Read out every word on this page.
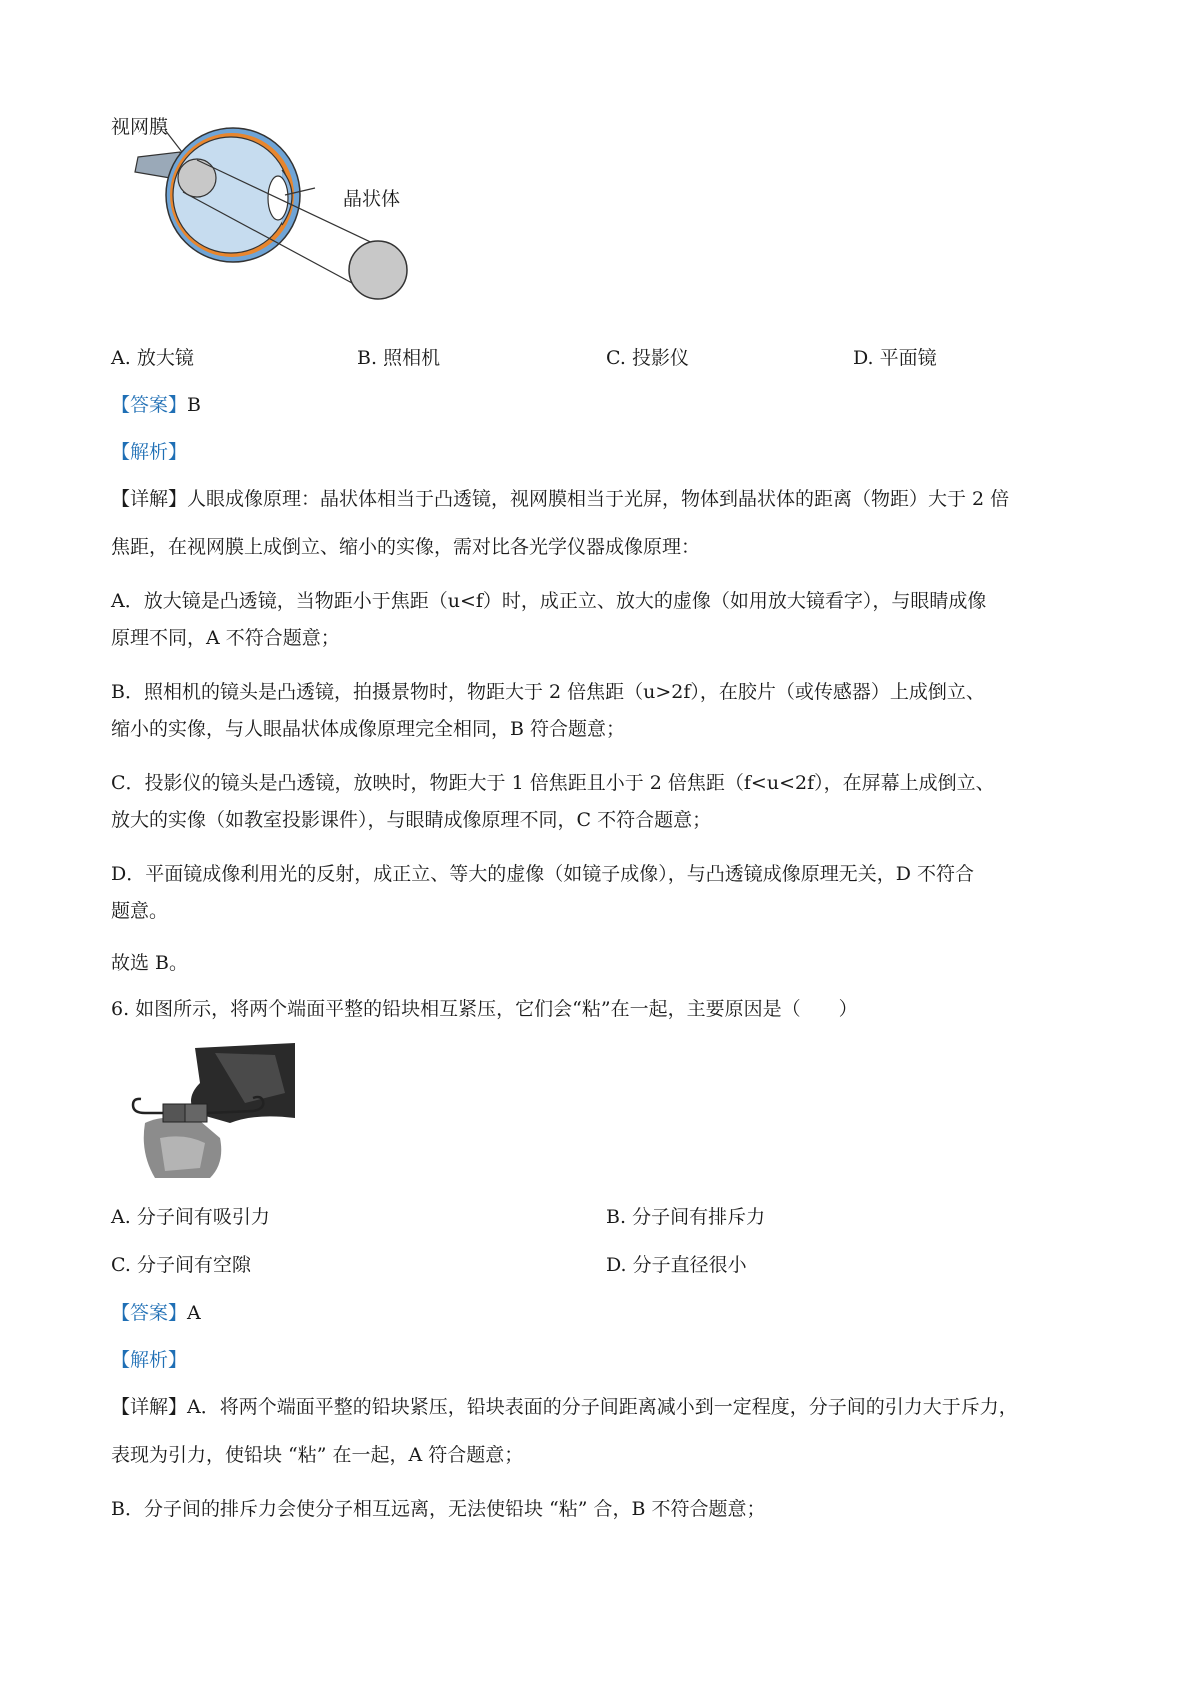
视网膜
晶状体
A. 放大镜	B. 照相机	C. 投影仪	D. 平面镜
【答案】B
【解析】
【详解】人眼成像原理：晶状体相当于凸透镜，视网膜相当于光屏，物体到晶状体的距离（物距）大于 2 倍
焦距，在视网膜上成倒立、缩小的实像，需对比各光学仪器成像原理：
A．放大镜是凸透镜，当物距小于焦距（u<f）时，成正立、放大的虚像（如用放大镜看字），与眼睛成像
原理不同，A 不符合题意；
B．照相机的镜头是凸透镜，拍摄景物时，物距大于 2 倍焦距（u>2f），在胶片（或传感器）上成倒立、
缩小的实像，与人眼晶状体成像原理完全相同，B 符合题意；
C．投影仪的镜头是凸透镜，放映时，物距大于 1 倍焦距且小于 2 倍焦距（f<u<2f），在屏幕上成倒立、
放大的实像（如教室投影课件），与眼睛成像原理不同，C 不符合题意；
D．平面镜成像利用光的反射，成正立、等大的虚像（如镜子成像），与凸透镜成像原理无关，D 不符合
题意。
故选 B。
6. 如图所示，将两个端面平整的铅块相互紧压，它们会“粘”在一起，主要原因是（　　）
A. 分子间有吸引力	B. 分子间有排斥力
C. 分子间有空隙	D. 分子直径很小
【答案】A
【解析】
【详解】A．将两个端面平整的铅块紧压，铅块表面的分子间距离减小到一定程度，分子间的引力大于斥力，
表现为引力，使铅块 “粘” 在一起，A 符合题意；
B．分子间的排斥力会使分子相互远离，无法使铅块 “粘” 合，B 不符合题意；
